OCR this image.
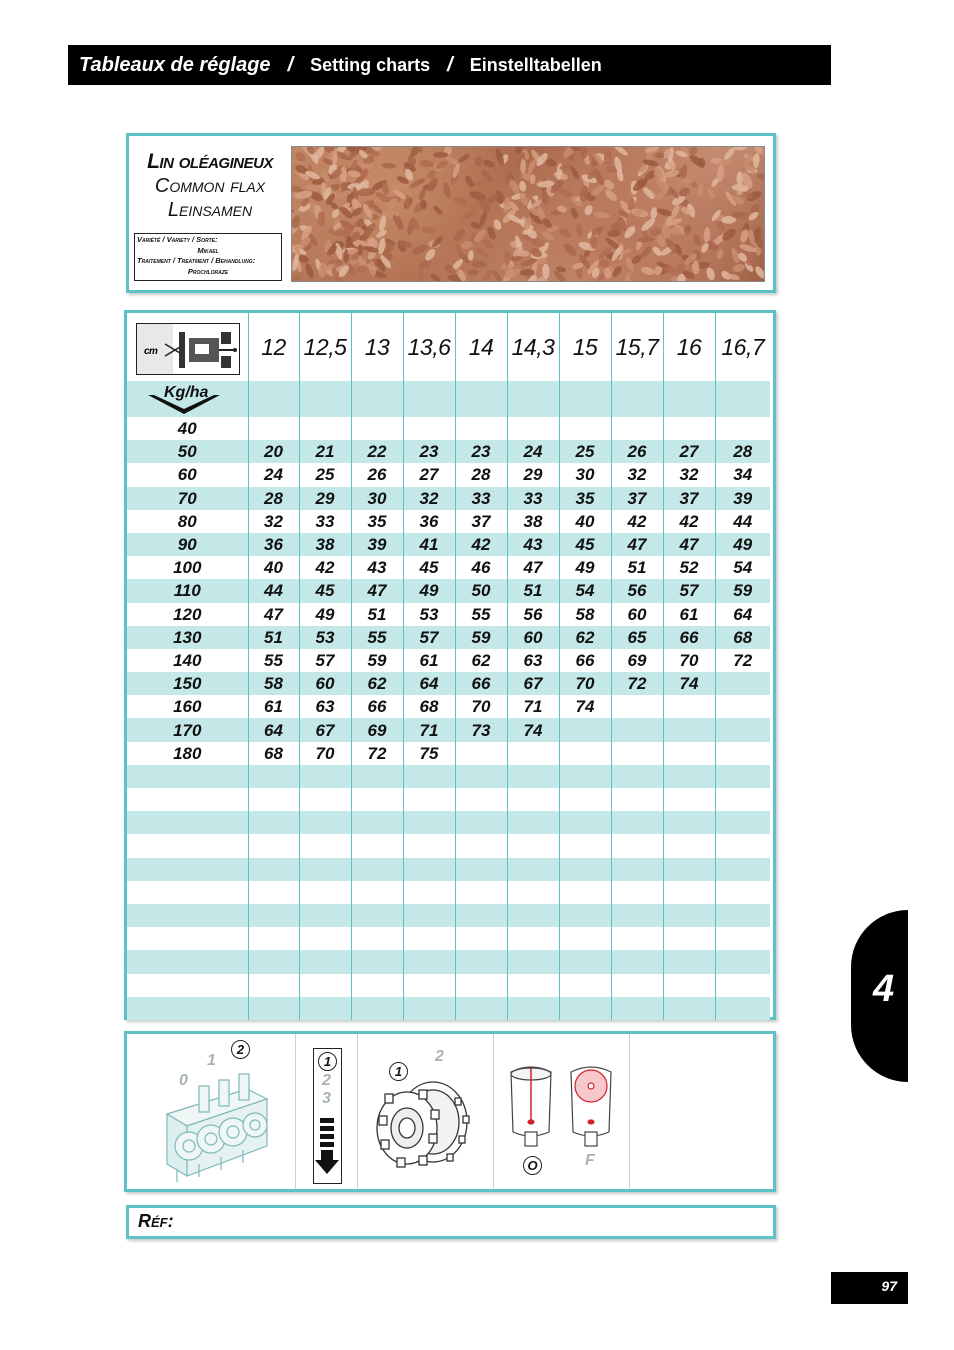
Tableaux de réglage / Setting charts / Einstelltabellen
Lin oléagineux
Common flax
Leinsamen
Variété / Variety / Sorte:
Mikael
Traitement / Treatment / Behandlung:
Prochloraze
cm	12	12,5	13	13,6	14	14,3	15	15,7	16	16,7

Kg/ha										

40										
50	20	21	22	23	23	24	25	26	27	28
60	24	25	26	27	28	29	30	32	32	34
70	28	29	30	32	33	33	35	37	37	39
80	32	33	35	36	37	38	40	42	42	44
90	36	38	39	41	42	43	45	47	47	49
100	40	42	43	45	46	47	49	51	52	54
110	44	45	47	49	50	51	54	56	57	59
120	47	49	51	53	55	56	58	60	61	64
130	51	53	55	57	59	60	62	65	66	68
140	55	57	59	61	62	63	66	69	70	72
150	58	60	62	64	66	67	70	72	74	
160	61	63	66	68	70	71	74			
170	64	67	69	71	73	74				
180	68	70	72	75						

0
1
2
1
2
3
1
2
O	F
Réf:
4
97
